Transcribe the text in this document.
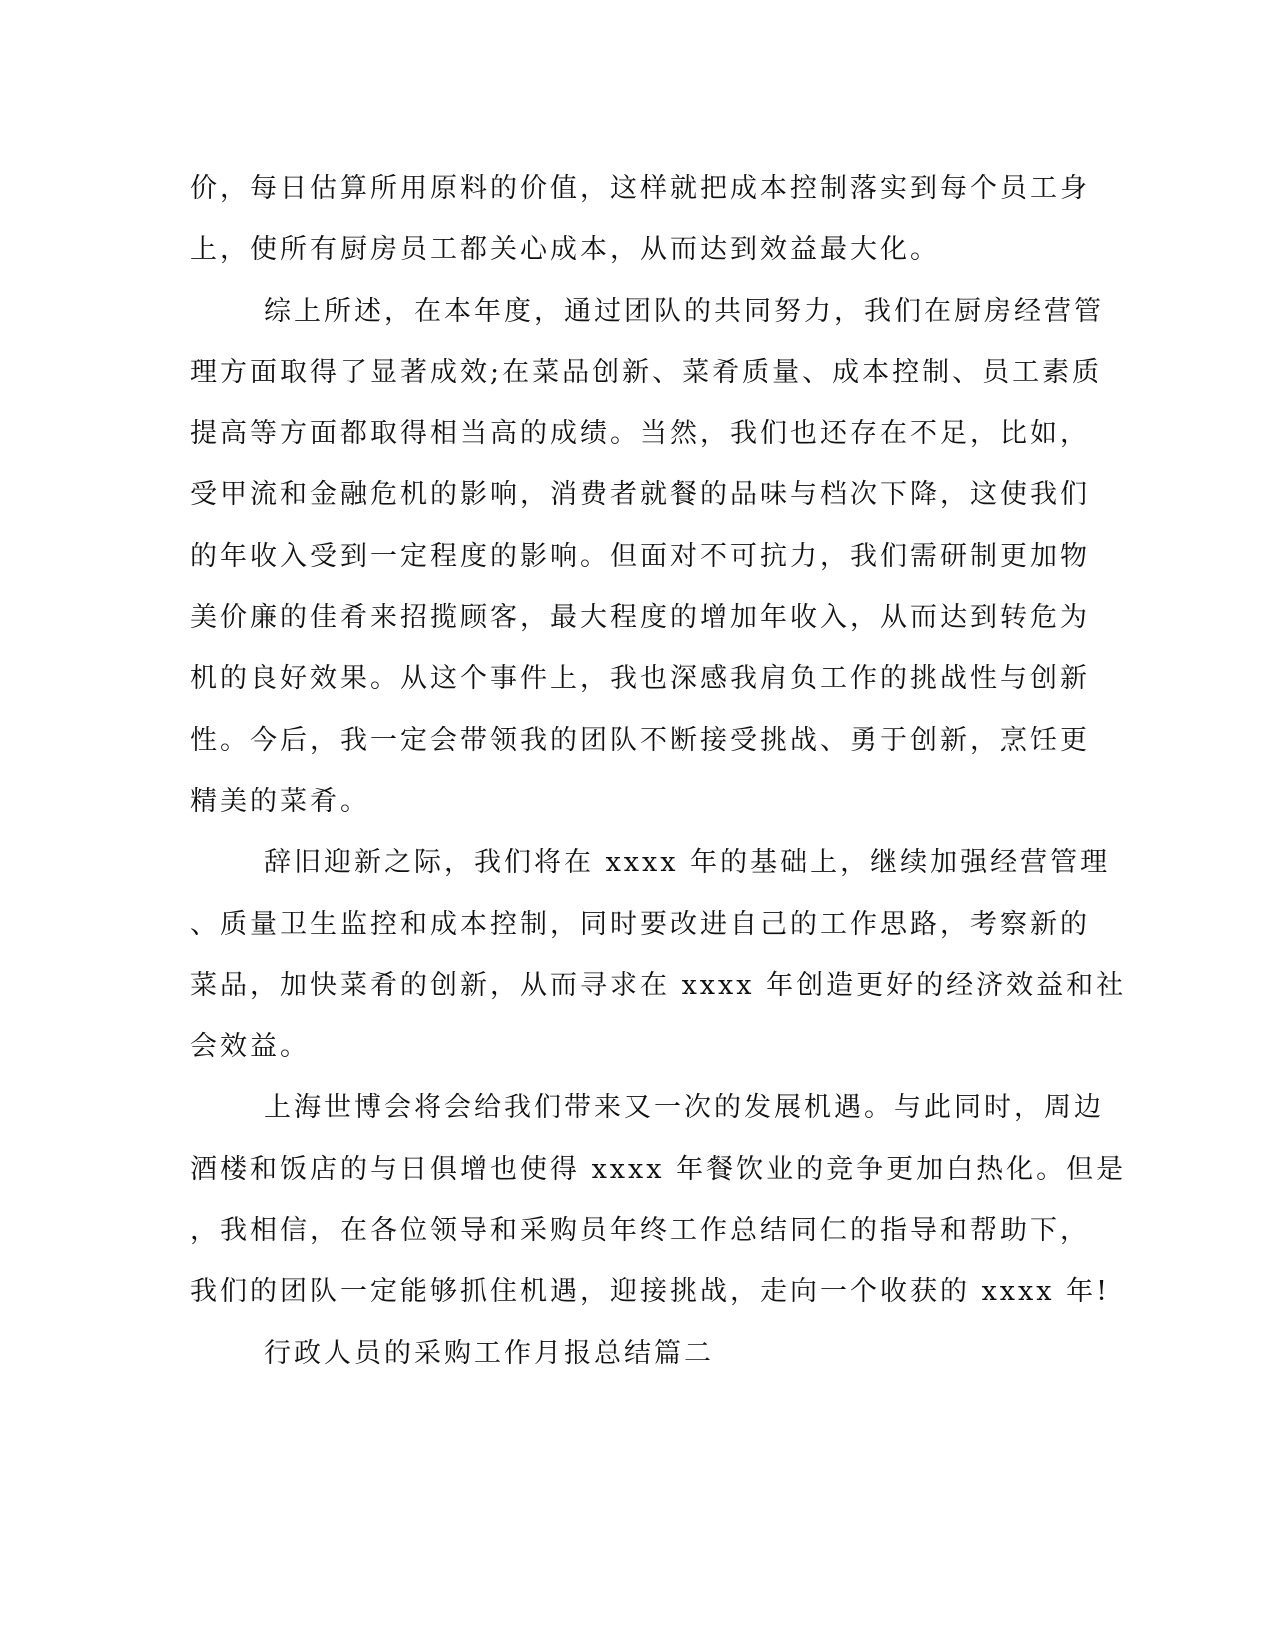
价，每日估算所用原料的价值，这样就把成本控制落实到每个员工身
上，使所有厨房员工都关心成本，从而达到效益最大化。
综上所述，在本年度，通过团队的共同努力，我们在厨房经营管
理方面取得了显著成效;在菜品创新、菜肴质量、成本控制、员工素质
提高等方面都取得相当高的成绩。当然，我们也还存在不足，比如，
受甲流和金融危机的影响，消费者就餐的品味与档次下降，这使我们
的年收入受到一定程度的影响。但面对不可抗力，我们需研制更加物
美价廉的佳肴来招揽顾客，最大程度的增加年收入，从而达到转危为
机的良好效果。从这个事件上，我也深感我肩负工作的挑战性与创新
性。今后，我一定会带领我的团队不断接受挑战、勇于创新，烹饪更
精美的菜肴。
辞旧迎新之际，我们将在 xxxx 年的基础上，继续加强经营管理
、质量卫生监控和成本控制，同时要改进自己的工作思路，考察新的
菜品，加快菜肴的创新，从而寻求在 xxxx 年创造更好的经济效益和社
会效益。
上海世博会将会给我们带来又一次的发展机遇。与此同时，周边
酒楼和饭店的与日俱增也使得 xxxx 年餐饮业的竞争更加白热化。但是
，我相信，在各位领导和采购员年终工作总结同仁的指导和帮助下，
我们的团队一定能够抓住机遇，迎接挑战，走向一个收获的 xxxx 年!
行政人员的采购工作月报总结篇二
